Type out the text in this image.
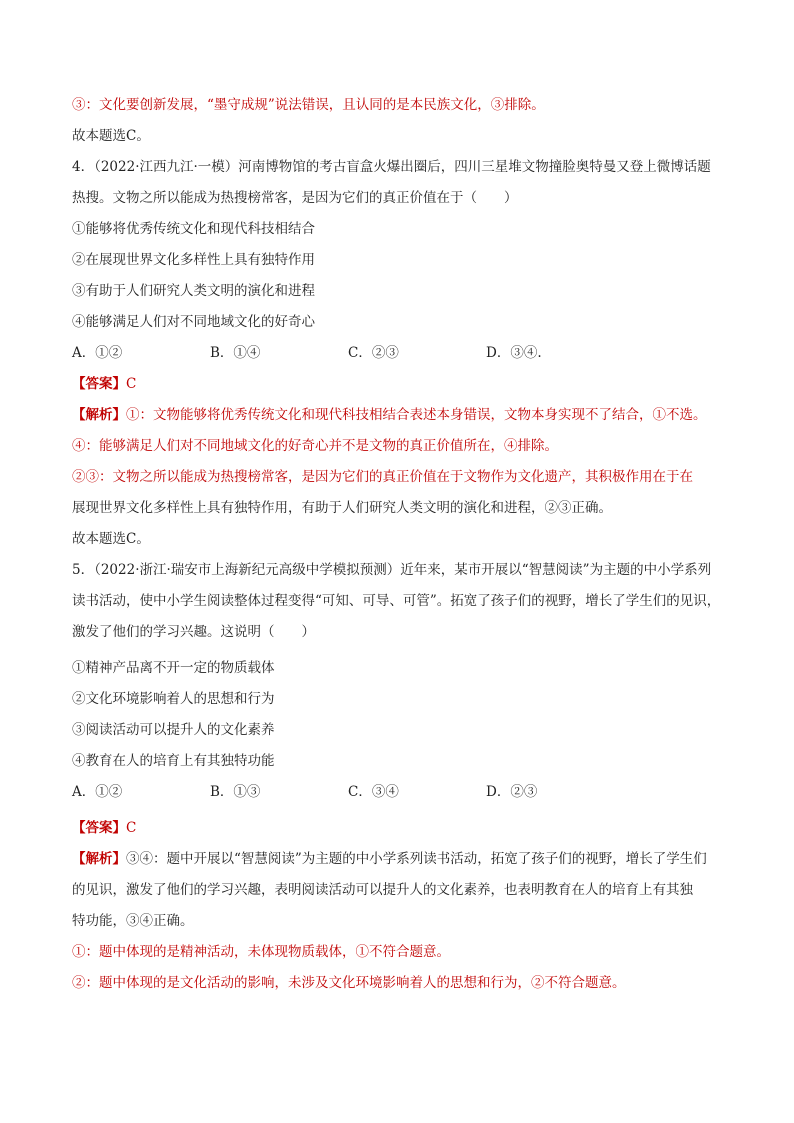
③：文化要创新发展，“墨守成规”说法错误，且认同的是本民族文化，③排除。
故本题选C。
4．（2022·江西九江·一模）河南博物馆的考古盲盒火爆出圈后，四川三星堆文物撞脸奥特曼又登上微博话题
热搜。文物之所以能成为热搜榜常客，是因为它们的真正价值在于（　　）
①能够将优秀传统文化和现代科技相结合
②在展现世界文化多样性上具有独特作用
③有助于人们研究人类文明的演化和进程
④能够满足人们对不同地域文化的好奇心
A．①②	B．①④	C．②③	D．③④.
【答案】C
【解析】①：文物能够将优秀传统文化和现代科技相结合表述本身错误，文物本身实现不了结合，①不选。
④：能够满足人们对不同地域文化的好奇心并不是文物的真正价值所在，④排除。
②③：文物之所以能成为热搜榜常客，是因为它们的真正价值在于文物作为文化遗产，其积极作用在于在
展现世界文化多样性上具有独特作用，有助于人们研究人类文明的演化和进程，②③正确。
故本题选C。
5．（2022·浙江·瑞安市上海新纪元高级中学模拟预测）近年来，某市开展以“智慧阅读”为主题的中小学系列
读书活动，使中小学生阅读整体过程变得“可知、可导、可管”。拓宽了孩子们的视野，增长了学生们的见识，
激发了他们的学习兴趣。这说明（　　）
①精神产品离不开一定的物质载体
②文化环境影响着人的思想和行为
③阅读活动可以提升人的文化素养
④教育在人的培育上有其独特功能
A．①②	B．①③	C．③④	D．②③
【答案】C
【解析】③④：题中开展以“智慧阅读”为主题的中小学系列读书活动，拓宽了孩子们的视野，增长了学生们
的见识，激发了他们的学习兴趣，表明阅读活动可以提升人的文化素养，也表明教育在人的培育上有其独
特功能，③④正确。
①：题中体现的是精神活动，未体现物质载体，①不符合题意。
②：题中体现的是文化活动的影响，未涉及文化环境影响着人的思想和行为，②不符合题意。
